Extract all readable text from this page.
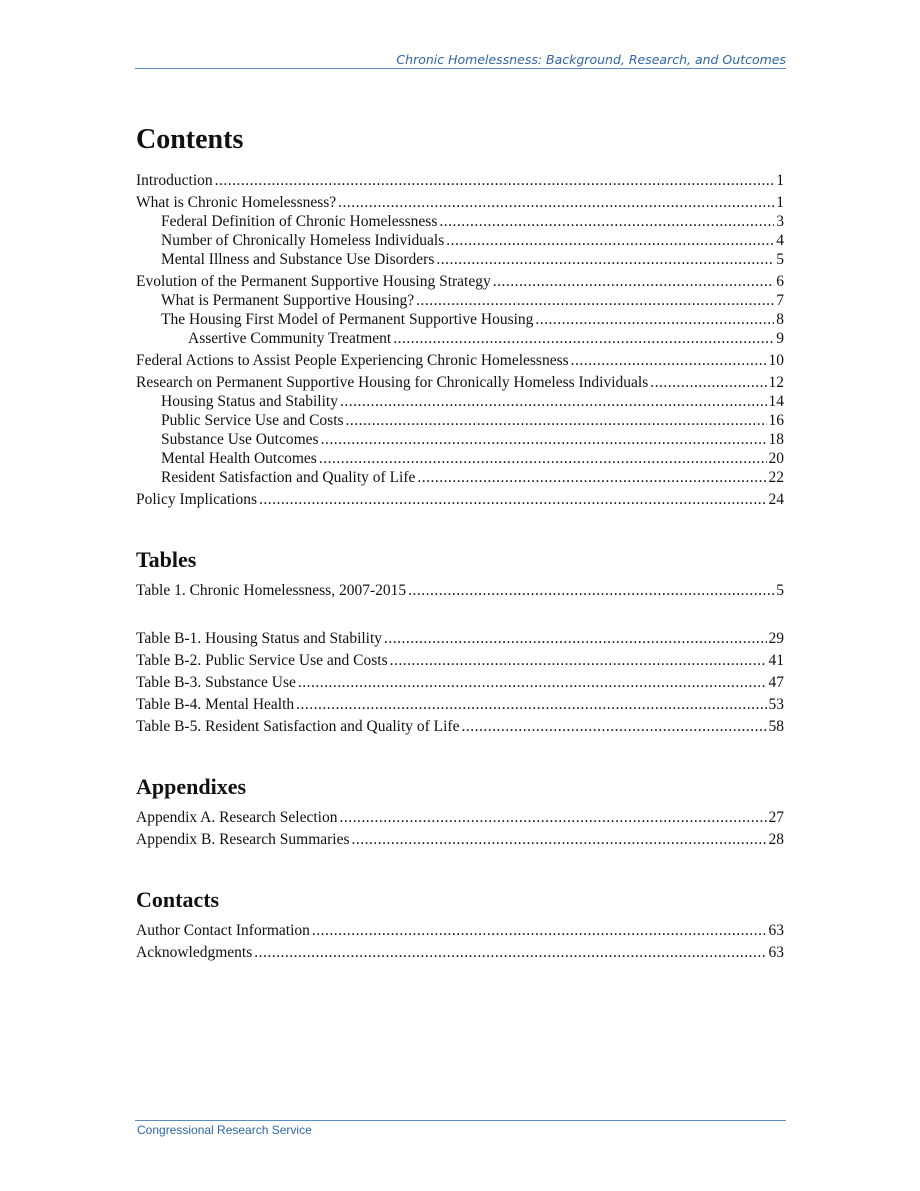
Chronic Homelessness: Background, Research, and Outcomes
Contents
Introduction .....	1
What is Chronic Homelessness? .....	1
Federal Definition of Chronic Homelessness .....	3
Number of Chronically Homeless Individuals .....	4
Mental Illness and Substance Use Disorders .....	5
Evolution of the Permanent Supportive Housing Strategy .....	6
What is Permanent Supportive Housing? .....	7
The Housing First Model of Permanent Supportive Housing .....	8
Assertive Community Treatment .....	9
Federal Actions to Assist People Experiencing Chronic Homelessness .....	10
Research on Permanent Supportive Housing for Chronically Homeless Individuals .....	12
Housing Status and Stability .....	14
Public Service Use and Costs .....	16
Substance Use Outcomes .....	18
Mental Health Outcomes .....	20
Resident Satisfaction and Quality of Life .....	22
Policy Implications .....	24
Tables
Table 1. Chronic Homelessness, 2007-2015 .....	5
Table B-1. Housing Status and Stability .....	29
Table B-2. Public Service Use and Costs .....	41
Table B-3. Substance Use .....	47
Table B-4. Mental Health .....	53
Table B-5. Resident Satisfaction and Quality of Life .....	58
Appendixes
Appendix A. Research Selection .....	27
Appendix B. Research Summaries .....	28
Contacts
Author Contact Information .....	63
Acknowledgments .....	63
Congressional Research Service
